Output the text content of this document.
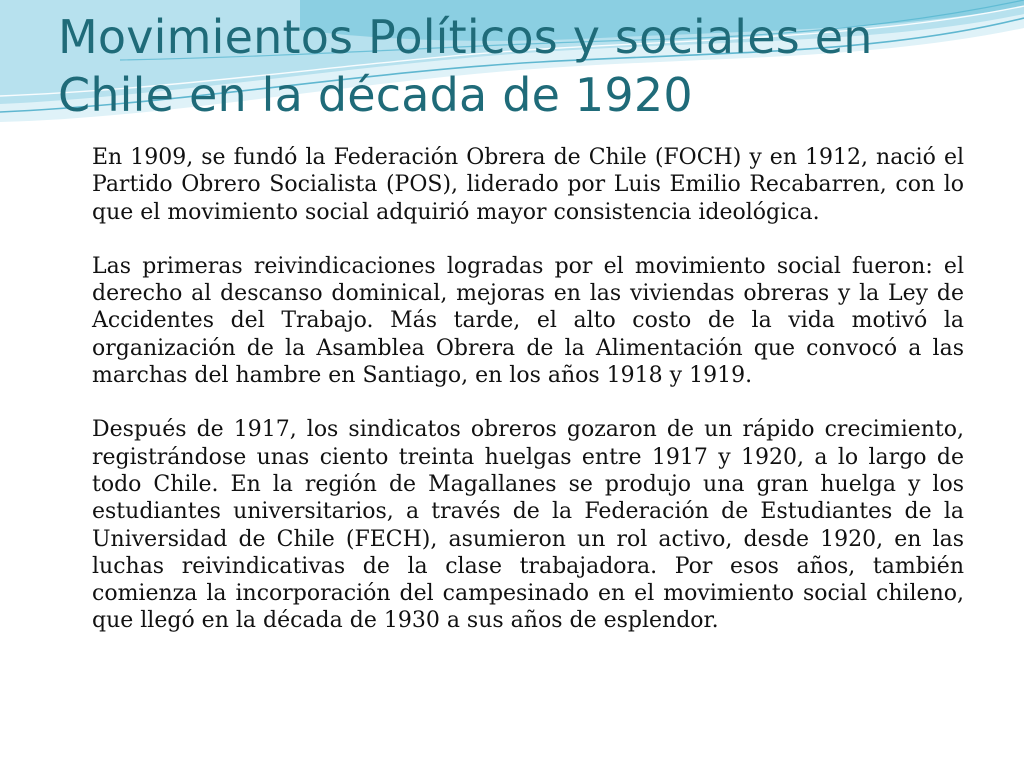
Movimientos Políticos y sociales en Chile en la década de 1920

En 1909, se fundó la Federación Obrera de Chile (FOCH) y en 1912, nació el Partido Obrero Socialista (POS), liderado por Luis Emilio Recabarren, con lo que el movimiento social adquirió mayor consistencia ideológica.

Las primeras reivindicaciones logradas por el movimiento social fueron: el derecho al descanso dominical, mejoras en las viviendas obreras y la Ley de Accidentes del Trabajo. Más tarde, el alto costo de la vida motivó la organización de la Asamblea Obrera de la Alimentación que convocó a las marchas del hambre en Santiago, en los años 1918 y 1919.

Después de 1917, los sindicatos obreros gozaron de un rápido crecimiento, registrándose unas ciento treinta huelgas entre 1917 y 1920, a lo largo de todo Chile. En la región de Magallanes se produjo una gran huelga y los estudiantes universitarios, a través de la Federación de Estudiantes de la Universidad de Chile (FECH), asumieron un rol activo, desde 1920, en las luchas reivindicativas de la clase trabajadora. Por esos años, también comienza la incorporación del campesinado en el movimiento social chileno, que llegó en la década de 1930 a sus años de esplendor.
